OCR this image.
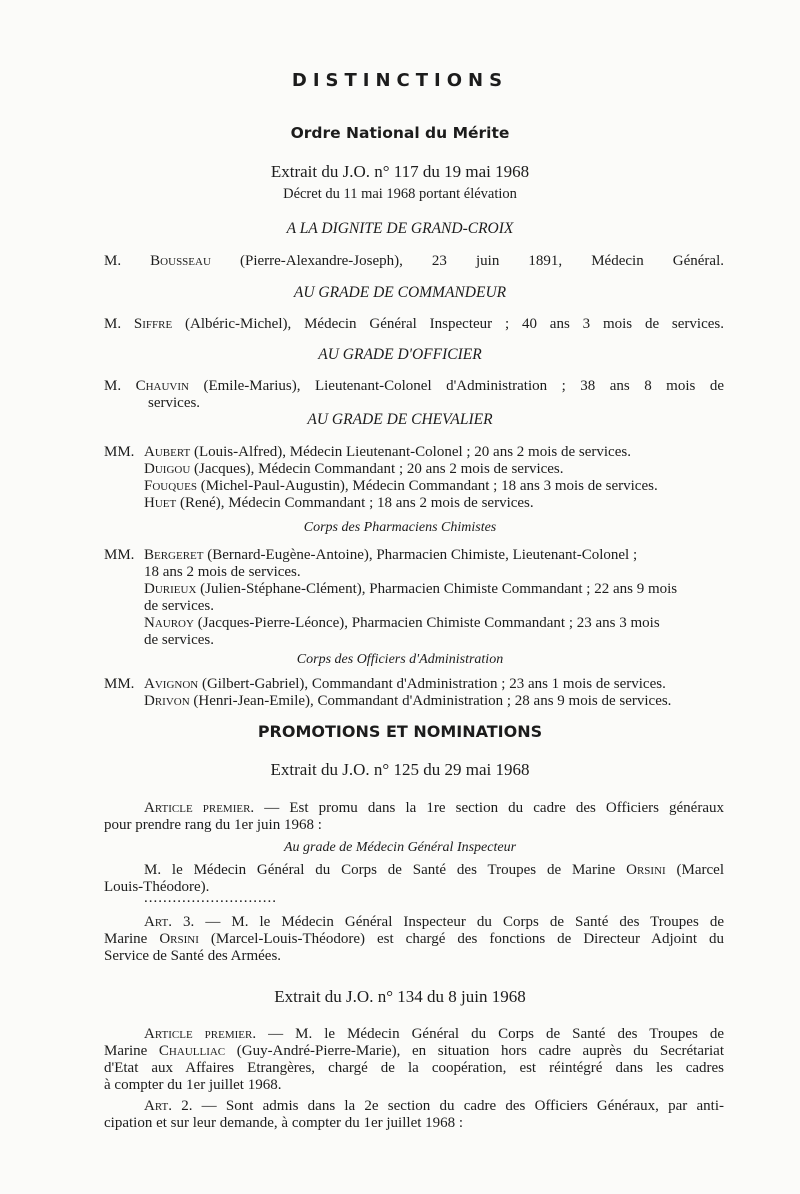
DISTINCTIONS
Ordre National du Mérite
Extrait du J.O. n° 117 du 19 mai 1968
Décret du 11 mai 1968 portant élévation
A LA DIGNITE DE GRAND-CROIX
M. Bousseau (Pierre-Alexandre-Joseph), 23 juin 1891, Médecin Général.
AU GRADE DE COMMANDEUR
M. Siffre (Albéric-Michel), Médecin Général Inspecteur ; 40 ans 3 mois de services.
AU GRADE D'OFFICIER
M. Chauvin (Emile-Marius), Lieutenant-Colonel d'Administration ; 38 ans 8 mois de
services.
AU GRADE DE CHEVALIER
MM. Aubert (Louis-Alfred), Médecin Lieutenant-Colonel ; 20 ans 2 mois de services.
Duigou (Jacques), Médecin Commandant ; 20 ans 2 mois de services.
Fouques (Michel-Paul-Augustin), Médecin Commandant ; 18 ans 3 mois de services.
Huet (René), Médecin Commandant ; 18 ans 2 mois de services.
Corps des Pharmaciens Chimistes
MM. Bergeret (Bernard-Eugène-Antoine), Pharmacien Chimiste, Lieutenant-Colonel ;
18 ans 2 mois de services.
Durieux (Julien-Stéphane-Clément), Pharmacien Chimiste Commandant ; 22 ans 9 mois
de services.
Nauroy (Jacques-Pierre-Léonce), Pharmacien Chimiste Commandant ; 23 ans 3 mois
de services.
Corps des Officiers d'Administration
MM. Avignon (Gilbert-Gabriel), Commandant d'Administration ; 23 ans 1 mois de services.
Drivon (Henri-Jean-Emile), Commandant d'Administration ; 28 ans 9 mois de services.
PROMOTIONS ET NOMINATIONS
Extrait du J.O. n° 125 du 29 mai 1968
Article premier. — Est promu dans la 1re section du cadre des Officiers généraux
pour prendre rang du 1er juin 1968 :
Au grade de Médecin Général Inspecteur
M. le Médecin Général du Corps de Santé des Troupes de Marine Orsini (Marcel
Louis-Théodore).
............................
Art. 3. — M. le Médecin Général Inspecteur du Corps de Santé des Troupes de
Marine Orsini (Marcel-Louis-Théodore) est chargé des fonctions de Directeur Adjoint du
Service de Santé des Armées.
Extrait du J.O. n° 134 du 8 juin 1968
Article premier. — M. le Médecin Général du Corps de Santé des Troupes de
Marine Chaulliac (Guy-André-Pierre-Marie), en situation hors cadre auprès du Secrétariat
d'Etat aux Affaires Etrangères, chargé de la coopération, est réintégré dans les cadres
à compter du 1er juillet 1968.
Art. 2. — Sont admis dans la 2e section du cadre des Officiers Généraux, par anti-
cipation et sur leur demande, à compter du 1er juillet 1968 :
